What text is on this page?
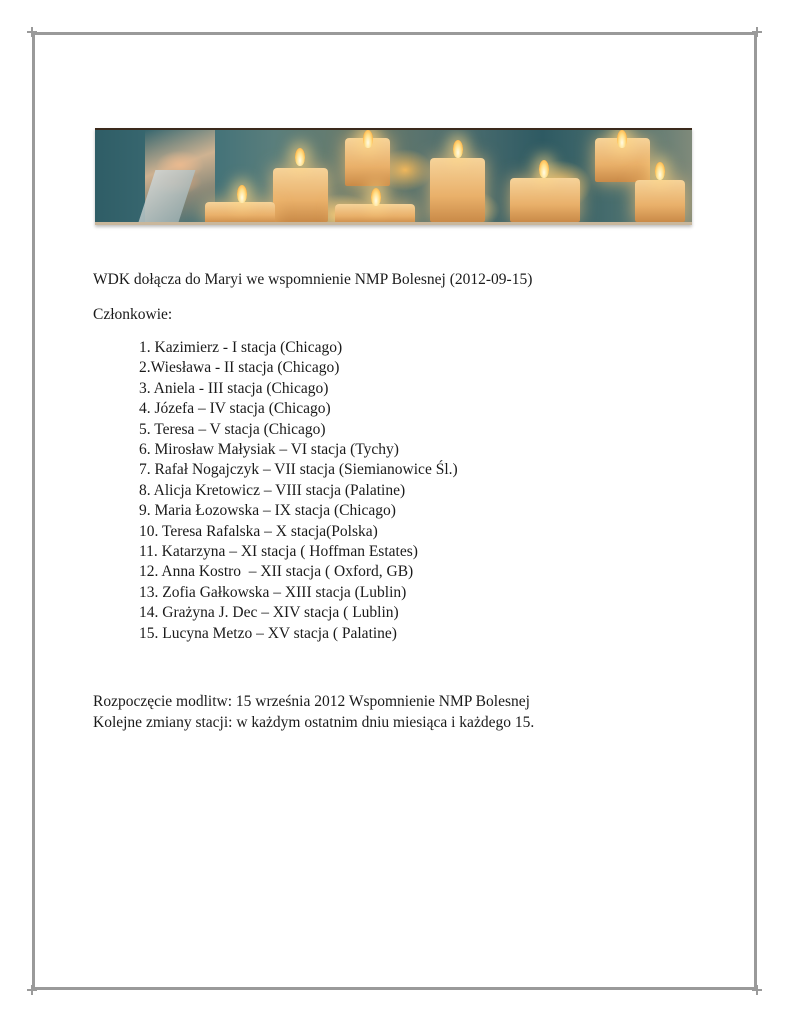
WDK dołącza do Maryi we wspomnienie NMP Bolesnej (2012-09-15)
Członkowie:
1. Kazimierz - I stacja (Chicago)
2.Wiesława - II stacja (Chicago)
3. Aniela - III stacja (Chicago)
4. Józefa – IV stacja (Chicago)
5. Teresa – V stacja (Chicago)
6. Mirosław Małysiak – VI stacja (Tychy)
7. Rafał Nogajczyk – VII stacja (Siemianowice Śl.)
8. Alicja Kretowicz – VIII stacja (Palatine)
9. Maria Łozowska – IX stacja (Chicago)
10. Teresa Rafalska – X stacja(Polska)
11. Katarzyna – XI stacja ( Hoffman Estates)
12. Anna Kostro  – XII stacja ( Oxford, GB)
13. Zofia Gałkowska – XIII stacja (Lublin)
14. Grażyna J. Dec – XIV stacja ( Lublin)
15. Lucyna Metzo – XV stacja ( Palatine)
Rozpoczęcie modlitw: 15 września 2012 Wspomnienie NMP Bolesnej
Kolejne zmiany stacji: w każdym ostatnim dniu miesiąca i każdego 15.
